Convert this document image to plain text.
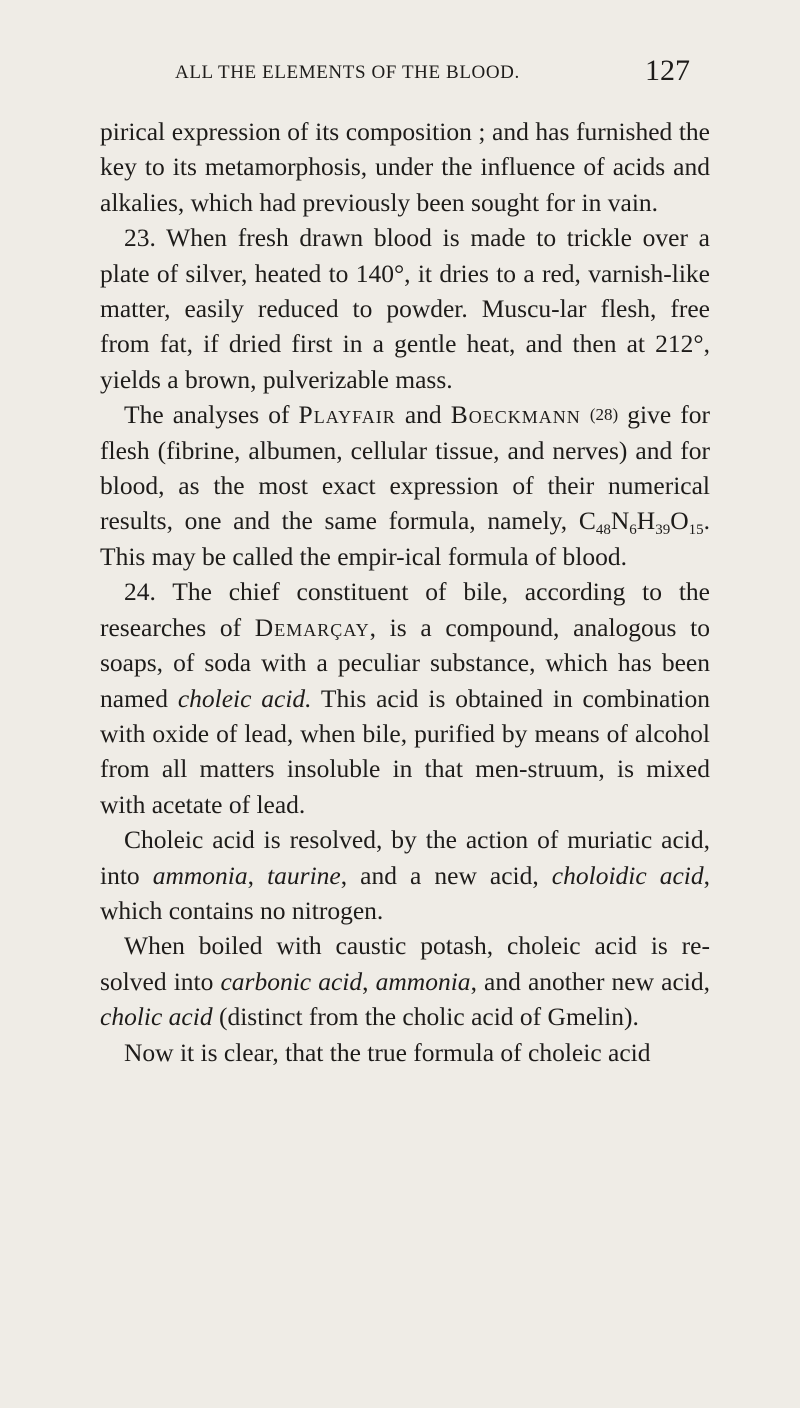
ALL THE ELEMENTS OF THE BLOOD.	127

pirical expression of its composition ; and has furnished the key to its metamorphosis, under the influence of acids and alkalies, which had previously been sought for in vain.

23. When fresh drawn blood is made to trickle over a plate of silver, heated to 140°, it dries to a red, varnish-like matter, easily reduced to powder. Muscu-lar flesh, free from fat, if dried first in a gentle heat, and then at 212°, yields a brown, pulverizable mass.

The analyses of Playfair and Boeckmann (28) give for flesh (fibrine, albumen, cellular tissue, and nerves) and for blood, as the most exact expression of their numerical results, one and the same formula, namely, $C_{48}N_6H_{39}O_{15}$. This may be called the empir-ical formula of blood.

24. The chief constituent of bile, according to the researches of Demarçay, is a compound, analogous to soaps, of soda with a peculiar substance, which has been named choleic acid. This acid is obtained in combination with oxide of lead, when bile, purified by means of alcohol from all matters insoluble in that men-struum, is mixed with acetate of lead.

Choleic acid is resolved, by the action of muriatic acid, into ammonia, taurine, and a new acid, choloidic acid, which contains no nitrogen.

When boiled with caustic potash, choleic acid is re-solved into carbonic acid, ammonia, and another new acid, cholic acid (distinct from the cholic acid of Gmelin).

Now it is clear, that the true formula of choleic acid
